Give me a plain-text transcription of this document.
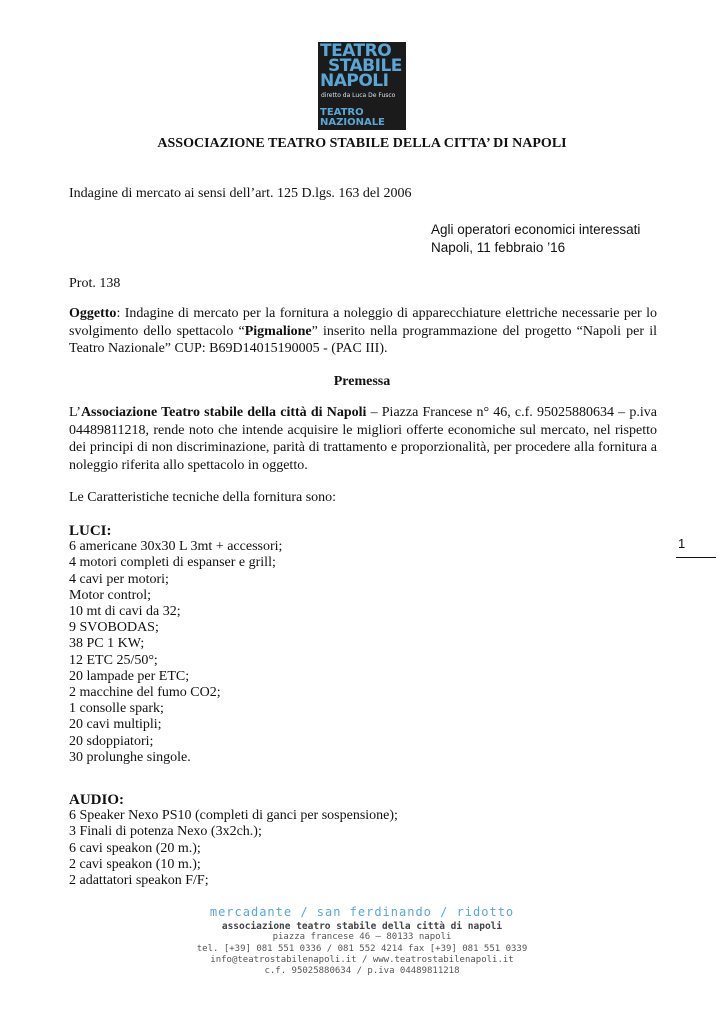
TEATRO
STABILE
NAPOLI
diretto da Luca De Fusco
TEATRO
NAZIONALE
ASSOCIAZIONE TEATRO STABILE DELLA CITTA’ DI NAPOLI
Indagine di mercato ai sensi dell’art. 125 D.lgs. 163 del 2006
Agli operatori economici interessati
Napoli, 11 febbraio ’16
Prot. 138
Oggetto: Indagine di mercato per la fornitura a noleggio di apparecchiature elettriche necessarie per lo svolgimento dello spettacolo “Pigmalione” inserito nella programmazione del progetto “Napoli per il Teatro Nazionale” CUP: B69D14015190005 - (PAC III).
Premessa
L’Associazione Teatro stabile della città di Napoli – Piazza Francese n° 46, c.f. 95025880634 – p.iva 04489811218, rende noto che intende acquisire le migliori offerte economiche sul mercato, nel rispetto dei principi di non discriminazione, parità di trattamento e proporzionalità, per procedere alla fornitura a noleggio riferita allo spettacolo in oggetto.
Le Caratteristiche tecniche della fornitura sono:
LUCI:
6 americane 30x30 L 3mt + accessori;
4 motori completi di espanser e grill;
4 cavi per motori;
Motor control;
10 mt di cavi da 32;
9 SVOBODAS;
38 PC 1 KW;
12 ETC 25/50°;
20 lampade per ETC;
2 macchine del fumo CO2;
1 consolle spark;
20 cavi multipli;
20 sdoppiatori;
30 prolunghe singole.
AUDIO:
6 Speaker Nexo PS10 (completi di ganci per sospensione);
3 Finali di potenza Nexo (3x2ch.);
6 cavi speakon (20 m.);
2 cavi speakon (10 m.);
2 adattatori speakon F/F;
1
mercadante / san ferdinando / ridotto
associazione teatro stabile della città di napoli
piazza francese 46 – 80133 napoli
tel. [+39] 081 551 0336 / 081 552 4214 fax [+39] 081 551 0339
info@teatrostabilenapoli.it / www.teatrostabilenapoli.it
c.f. 95025880634 / p.iva 04489811218
